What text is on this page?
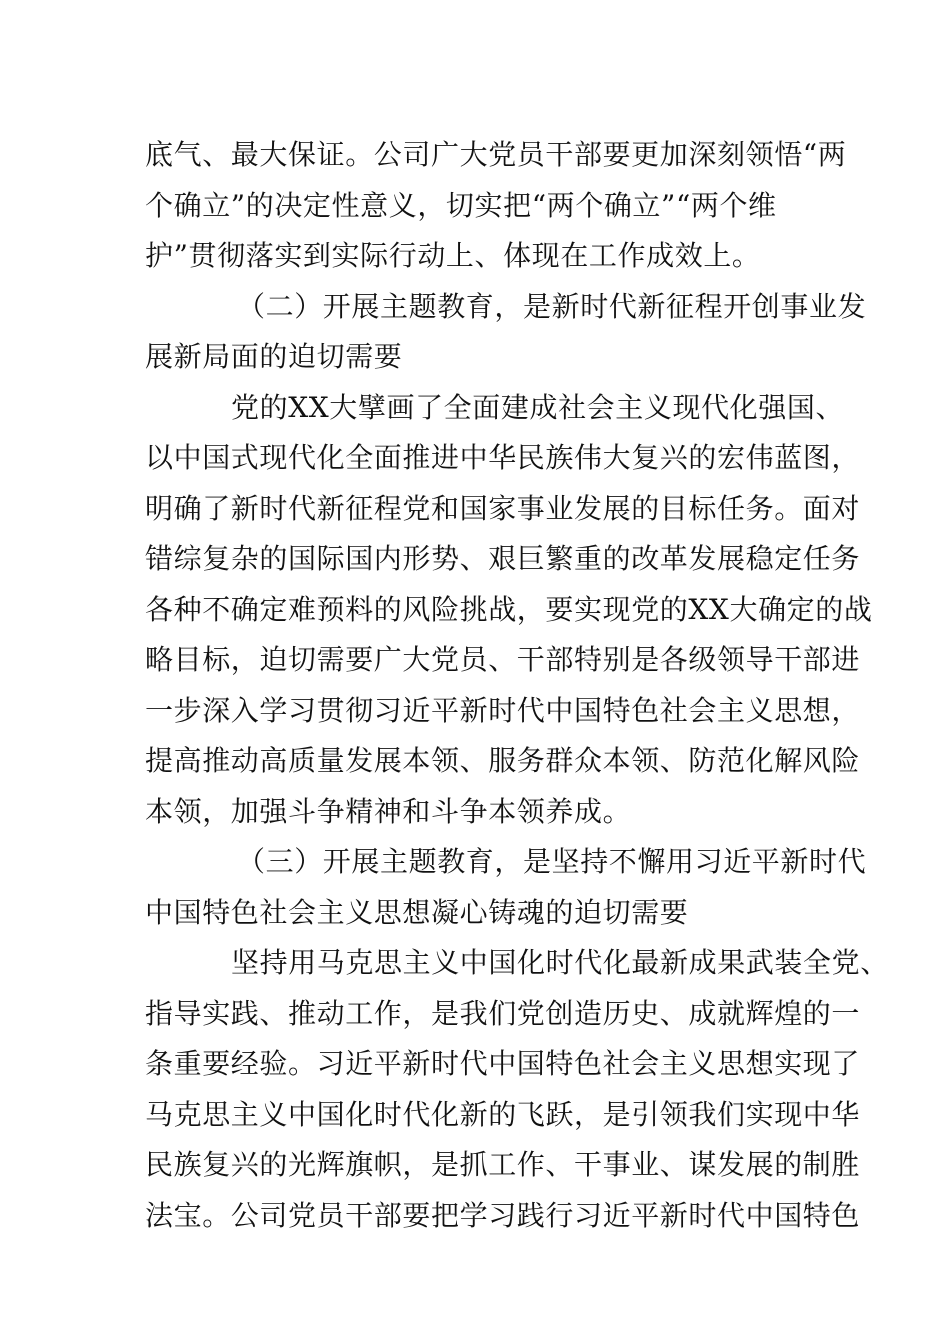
底气、最大保证。公司广大党员干部要更加深刻领悟“两
个确立”的决定性意义，切实把“两个确立”“两个维
护”贯彻落实到实际行动上、体现在工作成效上。
（二）开展主题教育，是新时代新征程开创事业发
展新局面的迫切需要
党的XX大擘画了全面建成社会主义现代化强国、
以中国式现代化全面推进中华民族伟大复兴的宏伟蓝图，
明确了新时代新征程党和国家事业发展的目标任务。面对
错综复杂的国际国内形势、艰巨繁重的改革发展稳定任务
各种不确定难预料的风险挑战，要实现党的XX大确定的战
略目标，迫切需要广大党员、干部特别是各级领导干部进
一步深入学习贯彻习近平新时代中国特色社会主义思想，
提高推动高质量发展本领、服务群众本领、防范化解风险
本领，加强斗争精神和斗争本领养成。
（三）开展主题教育，是坚持不懈用习近平新时代
中国特色社会主义思想凝心铸魂的迫切需要
坚持用马克思主义中国化时代化最新成果武装全党、
指导实践、推动工作，是我们党创造历史、成就辉煌的一
条重要经验。习近平新时代中国特色社会主义思想实现了
马克思主义中国化时代化新的飞跃，是引领我们实现中华
民族复兴的光辉旗帜，是抓工作、干事业、谋发展的制胜
法宝。公司党员干部要把学习践行习近平新时代中国特色
